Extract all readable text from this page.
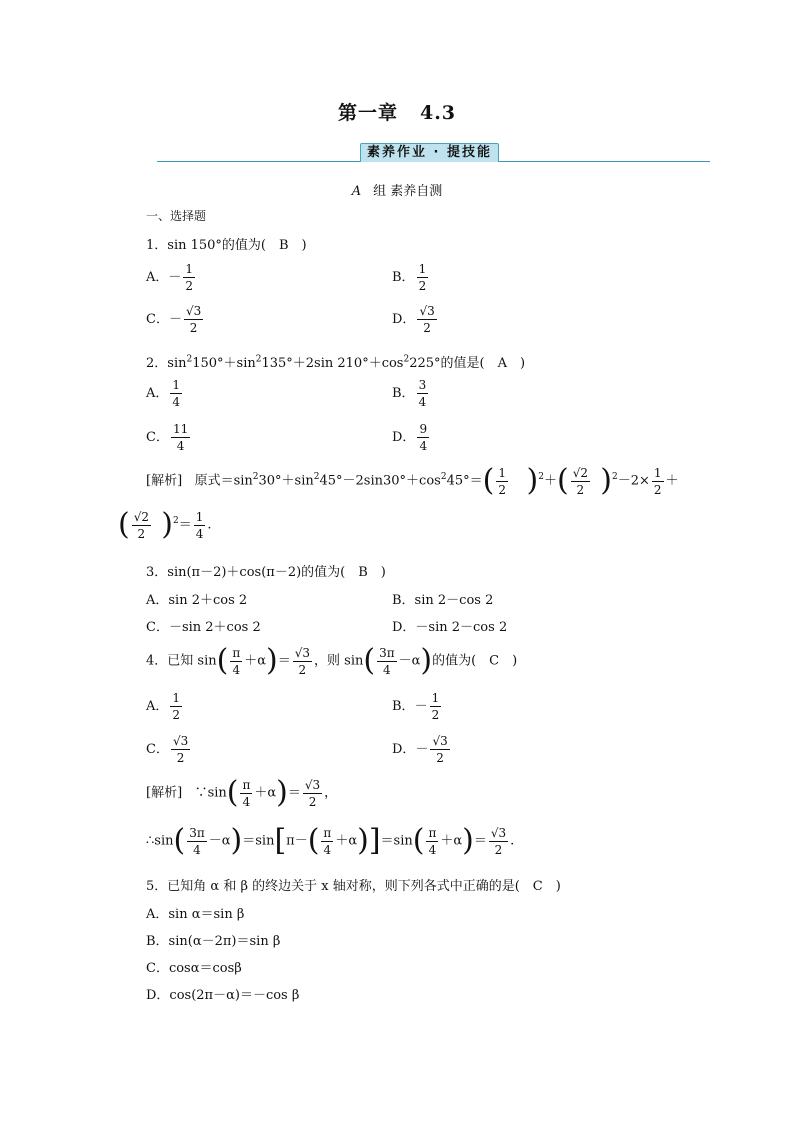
第一章 4.3
素养作业 · 提技能
A 组 素养自测
一、选择题
1．sin 150°的值为(　B　)
A．－ $\frac{1}{2}$	B． $\frac{1}{2}$
C．－ $\frac{√3}{2}$	D． $\frac{√3}{2}$
2．$\sin^2150^\circ+\sin^2135^\circ+2\sin$ $210^\circ+\cos^2225^\circ$的值是(　A　)
A． $\frac{1}{4}$	B． $\frac{3}{4}$
C． $\frac{11}{4}$	D． $\frac{9}{4}$
[解析] 原式$=\sin^230^\circ+\sin^245^\circ-2\sin 30^\circ+\cos^245^\circ=( \frac{1}{2} )^2+( \frac{√2}{2} )^2-2\times \frac{1}{2}$ ＋
( $\frac{√2}{2} )^2= \frac{1}{4}$ .
3．sin(π－2)＋cos(π－2)的值为(　B　)
A．sin 2＋cos 2	B．sin 2－cos 2
C．－sin 2＋cos 2	D．－sin 2－cos 2
4．已知 $\sin( \frac{\pi}{4} +\alpha)= \frac{√3}{2}$ ，则 $\sin( \frac{3\pi}{4} -\alpha)$的值为(　C　)
A． $\frac{1}{2}$	B．－ $\frac{1}{2}$
C． $\frac{√3}{2}$	D．－ $\frac{√3}{2}$
[解析] ∵sin( $\frac{\pi}{4} +\alpha)= \frac{√3}{2}$ ，
∴sin( $\frac{3\pi}{4} -\alpha)=\sin[\pi-( \frac{\pi}{4} +\alpha)]=\sin( \frac{\pi}{4} +\alpha)= \frac{√3}{2}$ .
5．已知角 α 和 β 的终边关于 x 轴对称，则下列各式中正确的是(　C　)
A．sin α＝sin β
B．sin(α－2π)＝sin β
C．cosα＝cosβ
D．cos(2π－α)＝－cos β
